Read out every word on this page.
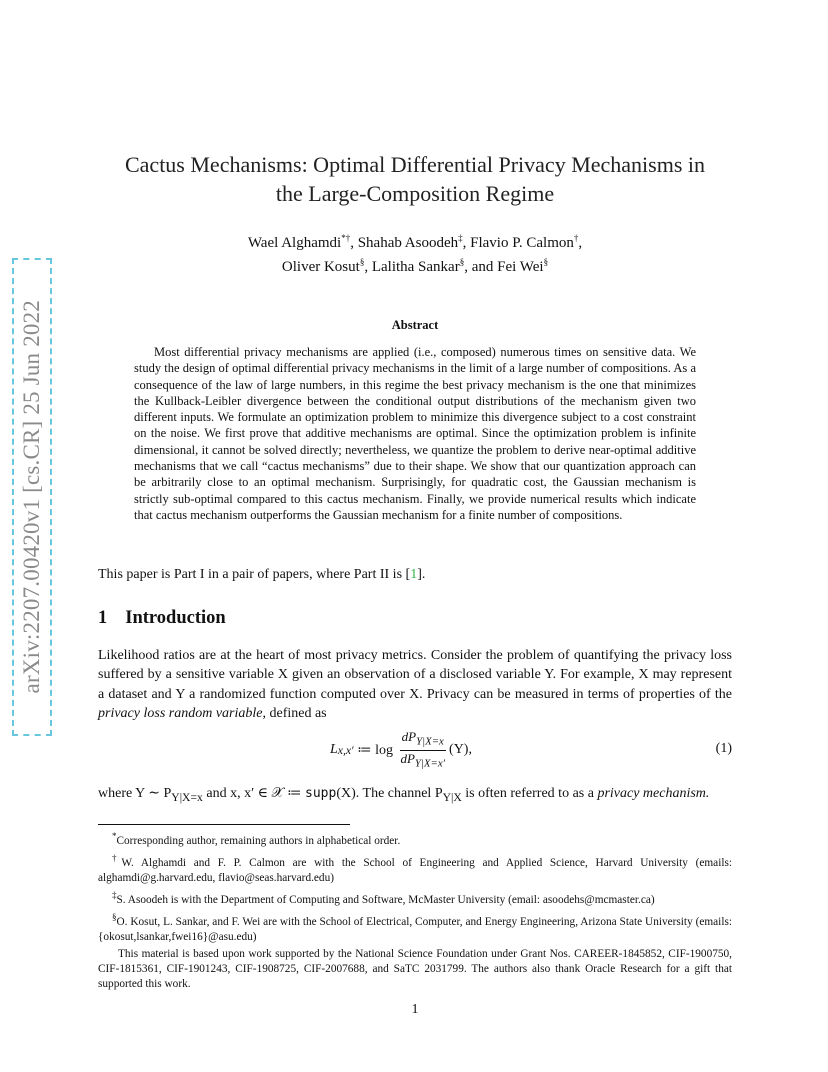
arXiv:2207.00420v1 [cs.CR] 25 Jun 2022
Cactus Mechanisms: Optimal Differential Privacy Mechanisms in
the Large-Composition Regime
Wael Alghamdi*†, Shahab Asoodeh‡, Flavio P. Calmon†,
Oliver Kosut§, Lalitha Sankar§, and Fei Wei§
Abstract
Most differential privacy mechanisms are applied (i.e., composed) numerous times on sensitive data. We study the design of optimal differential privacy mechanisms in the limit of a large number of compositions. As a consequence of the law of large numbers, in this regime the best privacy mechanism is the one that minimizes the Kullback-Leibler divergence between the conditional output distributions of the mechanism given two different inputs. We formulate an optimization problem to minimize this divergence subject to a cost constraint on the noise. We first prove that additive mechanisms are optimal. Since the optimization problem is infinite dimensional, it cannot be solved directly; nevertheless, we quantize the problem to derive near-optimal additive mechanisms that we call “cactus mechanisms” due to their shape. We show that our quantization approach can be arbitrarily close to an optimal mechanism. Surprisingly, for quadratic cost, the Gaussian mechanism is strictly sub-optimal compared to this cactus mechanism. Finally, we provide numerical results which indicate that cactus mechanism outperforms the Gaussian mechanism for a finite number of compositions.
This paper is Part I in a pair of papers, where Part II is [1].
1 Introduction
Likelihood ratios are at the heart of most privacy metrics. Consider the problem of quantifying the privacy loss suffered by a sensitive variable X given an observation of a disclosed variable Y. For example, X may represent a dataset and Y a randomized function computed over X. Privacy can be measured in terms of properties of the privacy loss random variable, defined as
L x,x′ ≔ $\log \frac{dP_{Y|X=x}}{dP_{Y|X=x'}} (Y)$,	(1)
where Y ∼ $P_{Y|X=x}$ and x, x′ ∈ 𝒳 ≔ supp(X). The channel $P_{Y|X}$ is often referred to as a privacy mechanism.
*Corresponding author, remaining authors in alphabetical order.
†W. Alghamdi and F. P. Calmon are with the School of Engineering and Applied Science, Harvard University (emails: alghamdi@g.harvard.edu, flavio@seas.harvard.edu)
‡S. Asoodeh is with the Department of Computing and Software, McMaster University (email: asoodehs@mcmaster.ca)
§O. Kosut, L. Sankar, and F. Wei are with the School of Electrical, Computer, and Energy Engineering, Arizona State University (emails: {okosut,lsankar,fwei16}@asu.edu)
This material is based upon work supported by the National Science Foundation under Grant Nos. CAREER-1845852, CIF-1900750, CIF-1815361, CIF-1901243, CIF-1908725, CIF-2007688, and SaTC 2031799. The authors also thank Oracle Research for a gift that supported this work.
1
